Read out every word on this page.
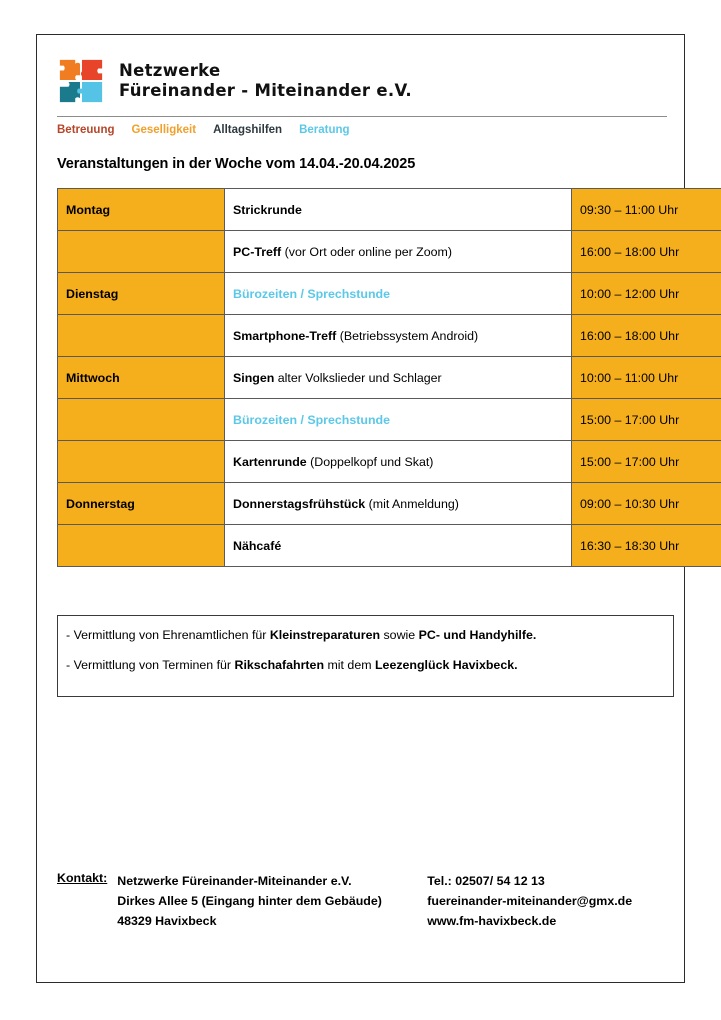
Netzwerke
Füreinander - Miteinander e.V.
Betreuung Geselligkeit Alltagshilfen Beratung
Veranstaltungen in der Woche vom 14.04.-20.04.2025
Montag	Strickrunde	09:30 – 11:00 Uhr
	PC-Treff (vor Ort oder online per Zoom)	16:00 – 18:00 Uhr
Dienstag	Bürozeiten / Sprechstunde	10:00 – 12:00 Uhr
	Smartphone-Treff (Betriebssystem Android)	16:00 – 18:00 Uhr
Mittwoch	Singen alter Volkslieder und Schlager	10:00 – 11:00 Uhr
	Bürozeiten / Sprechstunde	15:00 – 17:00 Uhr
	Kartenrunde (Doppelkopf und Skat)	15:00 – 17:00 Uhr
Donnerstag	Donnerstagsfrühstück (mit Anmeldung)	09:00 – 10:30 Uhr
	Nähcafé	16:30 – 18:30 Uhr
- Vermittlung von Ehrenamtlichen für Kleinstreparaturen sowie PC- und Handyhilfe.
- Vermittlung von Terminen für Rikschafahrten mit dem Leezenglück Havixbeck.
Kontakt: Netzwerke Füreinander-Miteinander e.V.
Dirkes Allee 5 (Eingang hinter dem Gebäude)
48329 Havixbeck
Tel.: 02507/ 54 12 13
fuereinander-miteinander@gmx.de
www.fm-havixbeck.de
